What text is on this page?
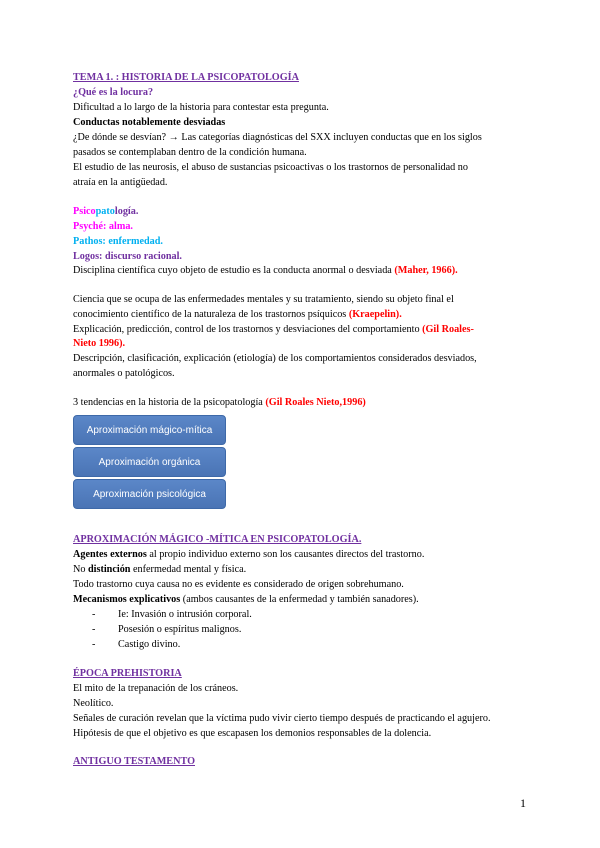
TEMA 1. : HISTORIA DE LA PSICOPATOLOGÍA
¿Qué es la locura?
Dificultad a lo largo de la historia para contestar esta pregunta.
Conductas notablemente desviadas
¿De dónde se desvían? → Las categorías diagnósticas del SXX incluyen conductas que en los siglos
pasados se contemplaban dentro de la condición humana.
El estudio de las neurosis, el abuso de sustancias psicoactivas o los trastornos de personalidad no
atraía en la antigüedad.
Psicopatología.
Psyché: alma.
Pathos: enfermedad.
Logos: discurso racional.
Disciplina científica cuyo objeto de estudio es la conducta anormal o desviada (Maher, 1966).
Ciencia que se ocupa de las enfermedades mentales y su tratamiento, siendo su objeto final el
conocimiento científico de la naturaleza de los trastornos psíquicos (Kraepelin).
Explicación, predicción, control de los trastornos y desviaciones del comportamiento (Gil Roales-
Nieto 1996).
Descripción, clasificación, explicación (etiología) de los comportamientos considerados desviados,
anormales o patológicos.
3 tendencias en la historia de la psicopatología (Gil Roales Nieto,1996)
Aproximación mágico-mítica
Aproximación orgánica
Aproximación psicológica
APROXIMACIÓN MÁGICO -MÍTICA EN PSICOPATOLOGÍA.
Agentes externos al propio individuo externo son los causantes directos del trastorno.
No distinción enfermedad mental y física.
Todo trastorno cuya causa no es evidente es considerado de origen sobrehumano.
Mecanismos explicativos (ambos causantes de la enfermedad y también sanadores).
- Ie: Invasión o intrusión corporal.
- Posesión o espíritus malignos.
- Castigo divino.
ÉPOCA PREHISTORIA
El mito de la trepanación de los cráneos.
Neolítico.
Señales de curación revelan que la víctima pudo vivir cierto tiempo después de practicando el agujero.
Hipótesis de que el objetivo es que escapasen los demonios responsables de la dolencia.
ANTIGUO TESTAMENTO
1
